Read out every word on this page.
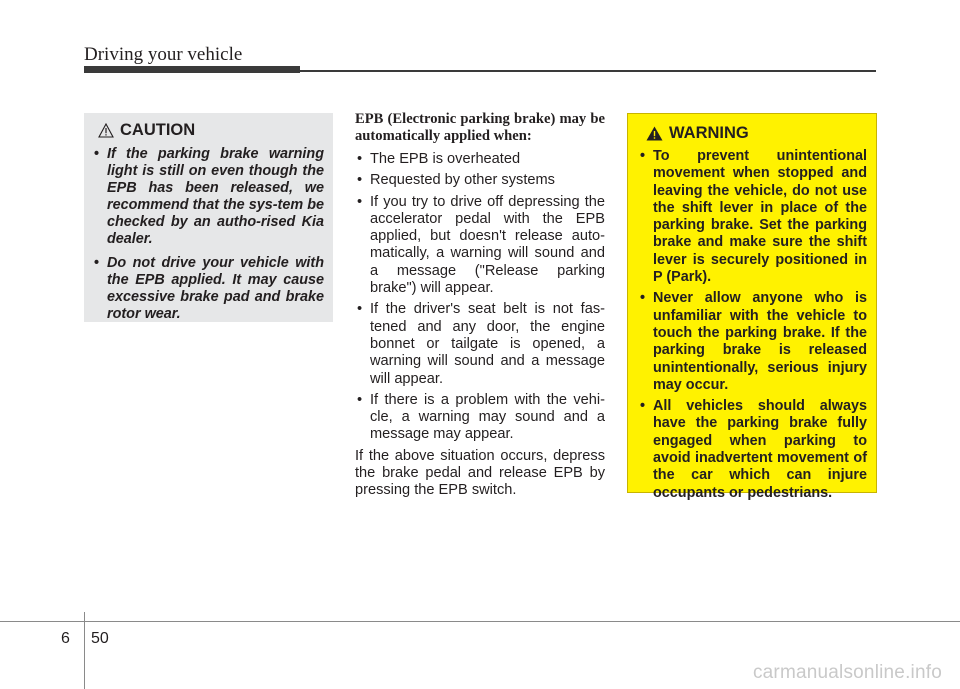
Driving your vehicle
CAUTION
• If the parking brake warning light is still on even though the EPB has been released, we recommend that the sys-tem be checked by an autho-rised Kia dealer.
• Do not drive your vehicle with the EPB applied. It may cause excessive brake pad and brake rotor wear.
EPB (Electronic parking brake) may be automatically applied when:
• The EPB is overheated
• Requested by other systems
• If you try to drive off depressing the accelerator pedal with the EPB applied, but doesn't release auto-matically, a warning will sound and a message ("Release parking brake") will appear.
• If the driver's seat belt is not fas-tened and any door, the engine bonnet or tailgate is opened, a warning will sound and a message will appear.
• If there is a problem with the vehi-cle, a warning may sound and a message may appear.
If the above situation occurs, depress the brake pedal and release EPB by pressing the EPB switch.
WARNING
• To prevent unintentional movement when stopped and leaving the vehicle, do not use the shift lever in place of the parking brake. Set the parking brake and make sure the shift lever is securely positioned in P (Park).
• Never allow anyone who is unfamiliar with the vehicle to touch the parking brake. If the parking brake is released unintentionally, serious injury may occur.
• All vehicles should always have the parking brake fully engaged when parking to avoid inadvertent movement of the car which can injure occupants or pedestrians.
6 50
carmanualsonline.info
